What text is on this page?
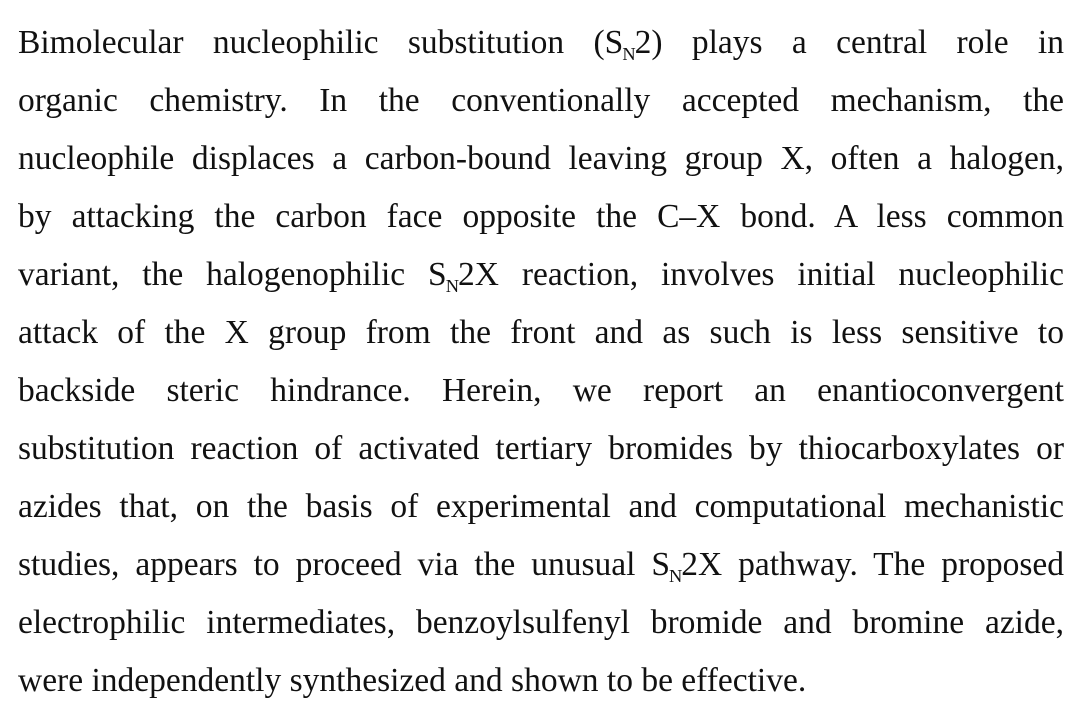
Bimolecular nucleophilic substitution $(S_N2)$ plays a central role in
organic chemistry. In the conventionally accepted mechanism, the
nucleophile displaces a carbon-bound leaving group X, often a halogen,
by attacking the carbon face opposite the C–X bond. A less common
variant, the halogenophilic $S_N2X$ reaction, involves initial nucleophilic
attack of the X group from the front and as such is less sensitive to
backside steric hindrance. Herein, we report an enantioconvergent
substitution reaction of activated tertiary bromides by thiocarboxylates or
azides that, on the basis of experimental and computational mechanistic
studies, appears to proceed via the unusual $S_N2X$ pathway. The proposed
electrophilic intermediates, benzoylsulfenyl bromide and bromine azide,
were independently synthesized and shown to be effective.
